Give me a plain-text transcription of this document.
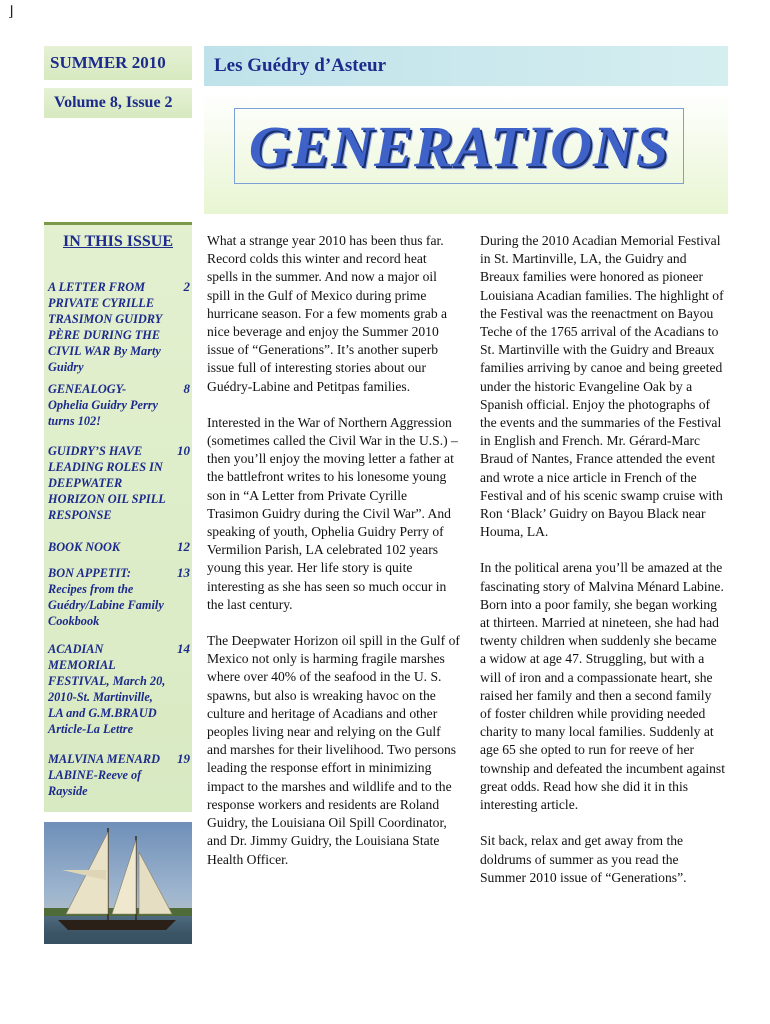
⌋
SUMMER 2010	Les Guédry d’Asteur
Volume 8, Issue 2
GENERATIONS
IN THIS ISSUE
A LETTER FROM PRIVATE CYRILLE TRASIMON GUIDRY PÈRE DURING THE CIVIL WAR By Marty Guidry
2
GENEALOGY- Ophelia Guidry Perry turns 102!
8
GUIDRY’S HAVE LEADING ROLES IN DEEPWATER HORIZON OIL SPILL RESPONSE
10
BOOK NOOK	12
BON APPETIT: Recipes from the Guédry/Labine Family Cookbook
13
ACADIAN MEMORIAL FESTIVAL, March 20, 2010-St. Martinville, LA and G.M.BRAUD Article-La Lettre
14
MALVINA MENARD LABINE-Reeve of Rayside
19

What a strange year 2010 has been thus far. Record colds this winter and record heat spells in the summer. And now a major oil spill in the Gulf of Mexico during prime hurricane season. For a few moments grab a nice beverage and enjoy the Summer 2010 issue of “Generations”. It’s another superb issue full of interesting stories about our Guédry-Labine and Petitpas families.

Interested in the War of Northern Aggression (sometimes called the Civil War in the U.S.) – then you’ll enjoy the moving letter a father at the battlefront writes to his lonesome young son in “A Letter from Private Cyrille Trasimon Guidry during the Civil War”. And speaking of youth, Ophelia Guidry Perry of Vermilion Parish, LA celebrated 102 years young this year. Her life story is quite interesting as she has seen so much occur in the last century.

The Deepwater Horizon oil spill in the Gulf of Mexico not only is harming fragile marshes where over 40% of the seafood in the U. S. spawns, but also is wreaking havoc on the culture and heritage of Acadians and other peoples living near and relying on the Gulf and marshes for their livelihood. Two persons leading the response effort in minimizing impact to the marshes and wildlife and to the response workers and residents are Roland Guidry, the Louisiana Oil Spill Coordinator, and Dr. Jimmy Guidry, the Louisiana State Health Officer.

During the 2010 Acadian Memorial Festival in St. Martinville, LA, the Guidry and Breaux families were honored as pioneer Louisiana Acadian families. The highlight of the Festival was the reenactment on Bayou Teche of the 1765 arrival of the Acadians to St. Martinville with the Guidry and Breaux families arriving by canoe and being greeted under the historic Evangeline Oak by a Spanish official. Enjoy the photographs of the events and the summaries of the Festival in English and French. Mr. Gérard-Marc Braud of Nantes, France attended the event and wrote a nice article in French of the Festival and of his scenic swamp cruise with Ron ‘Black’ Guidry on Bayou Black near Houma, LA.

In the political arena you’ll be amazed at the fascinating story of Malvina Ménard Labine. Born into a poor family, she began working at thirteen. Married at nineteen, she had had twenty children when suddenly she became a widow at age 47. Struggling, but with a will of iron and a compassionate heart, she raised her family and then a second family of foster children while providing needed charity to many local families. Suddenly at age 65 she opted to run for reeve of her township and defeated the incumbent against great odds. Read how she did it in this interesting article.

Sit back, relax and get away from the doldrums of summer as you read the Summer 2010 issue of “Generations”.
